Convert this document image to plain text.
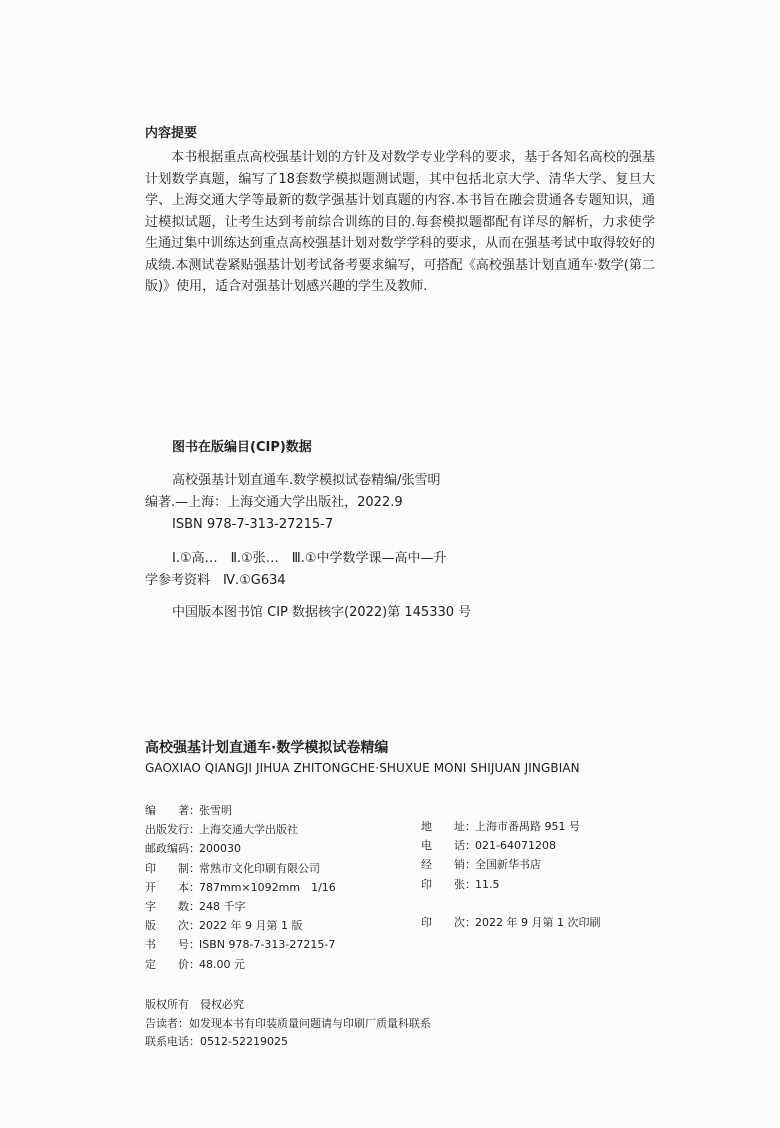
内容提要

本书根据重点高校强基计划的方针及对数学专业学科的要求，基于各知名高校的强基计划数学真题，编写了18套数学模拟题测试题，其中包括北京大学、清华大学、复旦大学、上海交通大学等最新的数学强基计划真题的内容.本书旨在融会贯通各专题知识，通过模拟试题，让考生达到考前综合训练的目的.每套模拟题都配有详尽的解析，力求使学生通过集中训练达到重点高校强基计划对数学学科的要求，从而在强基考试中取得较好的成绩.本测试卷紧贴强基计划考试备考要求编写，可搭配《高校强基计划直通车·数学(第二版)》使用，适合对强基计划感兴趣的学生及教师.

图书在版编目(CIP)数据
高校强基计划直通车.数学模拟试卷精编/张雪明
编著.—上海：上海交通大学出版社，2022.9
ISBN 978-7-313-27215-7
Ⅰ.①高…　Ⅱ.①张…　Ⅲ.①中学数学课—高中—升
学参考资料　Ⅳ.①G634
中国版本图书馆 CIP 数据核字(2022)第 145330 号
高校强基计划直通车·数学模拟试卷精编
GAOXIAO QIANGJI JIHUA ZHITONGCHE·SHUXUE MONI SHIJUAN JINGBIAN
编　　著： 张雪明
出版发行： 上海交通大学出版社
邮政编码： 200030
印　　制： 常熟市文化印刷有限公司
开　　本： 787mm×1092mm　1/16
字　　数： 248 千字
版　　次： 2022 年 9 月第 1 版
书　　号： ISBN 978-7-313-27215-7
定　　价： 48.00 元
地　　址： 上海市番禺路 951 号
电　　话： 021-64071208
经　　销： 全国新华书店
印　　张： 11.5
印　　次： 2022 年 9 月第 1 次印刷
版权所有　侵权必究
告读者：如发现本书有印装质量问题请与印刷厂质量科联系
联系电话：0512-52219025
